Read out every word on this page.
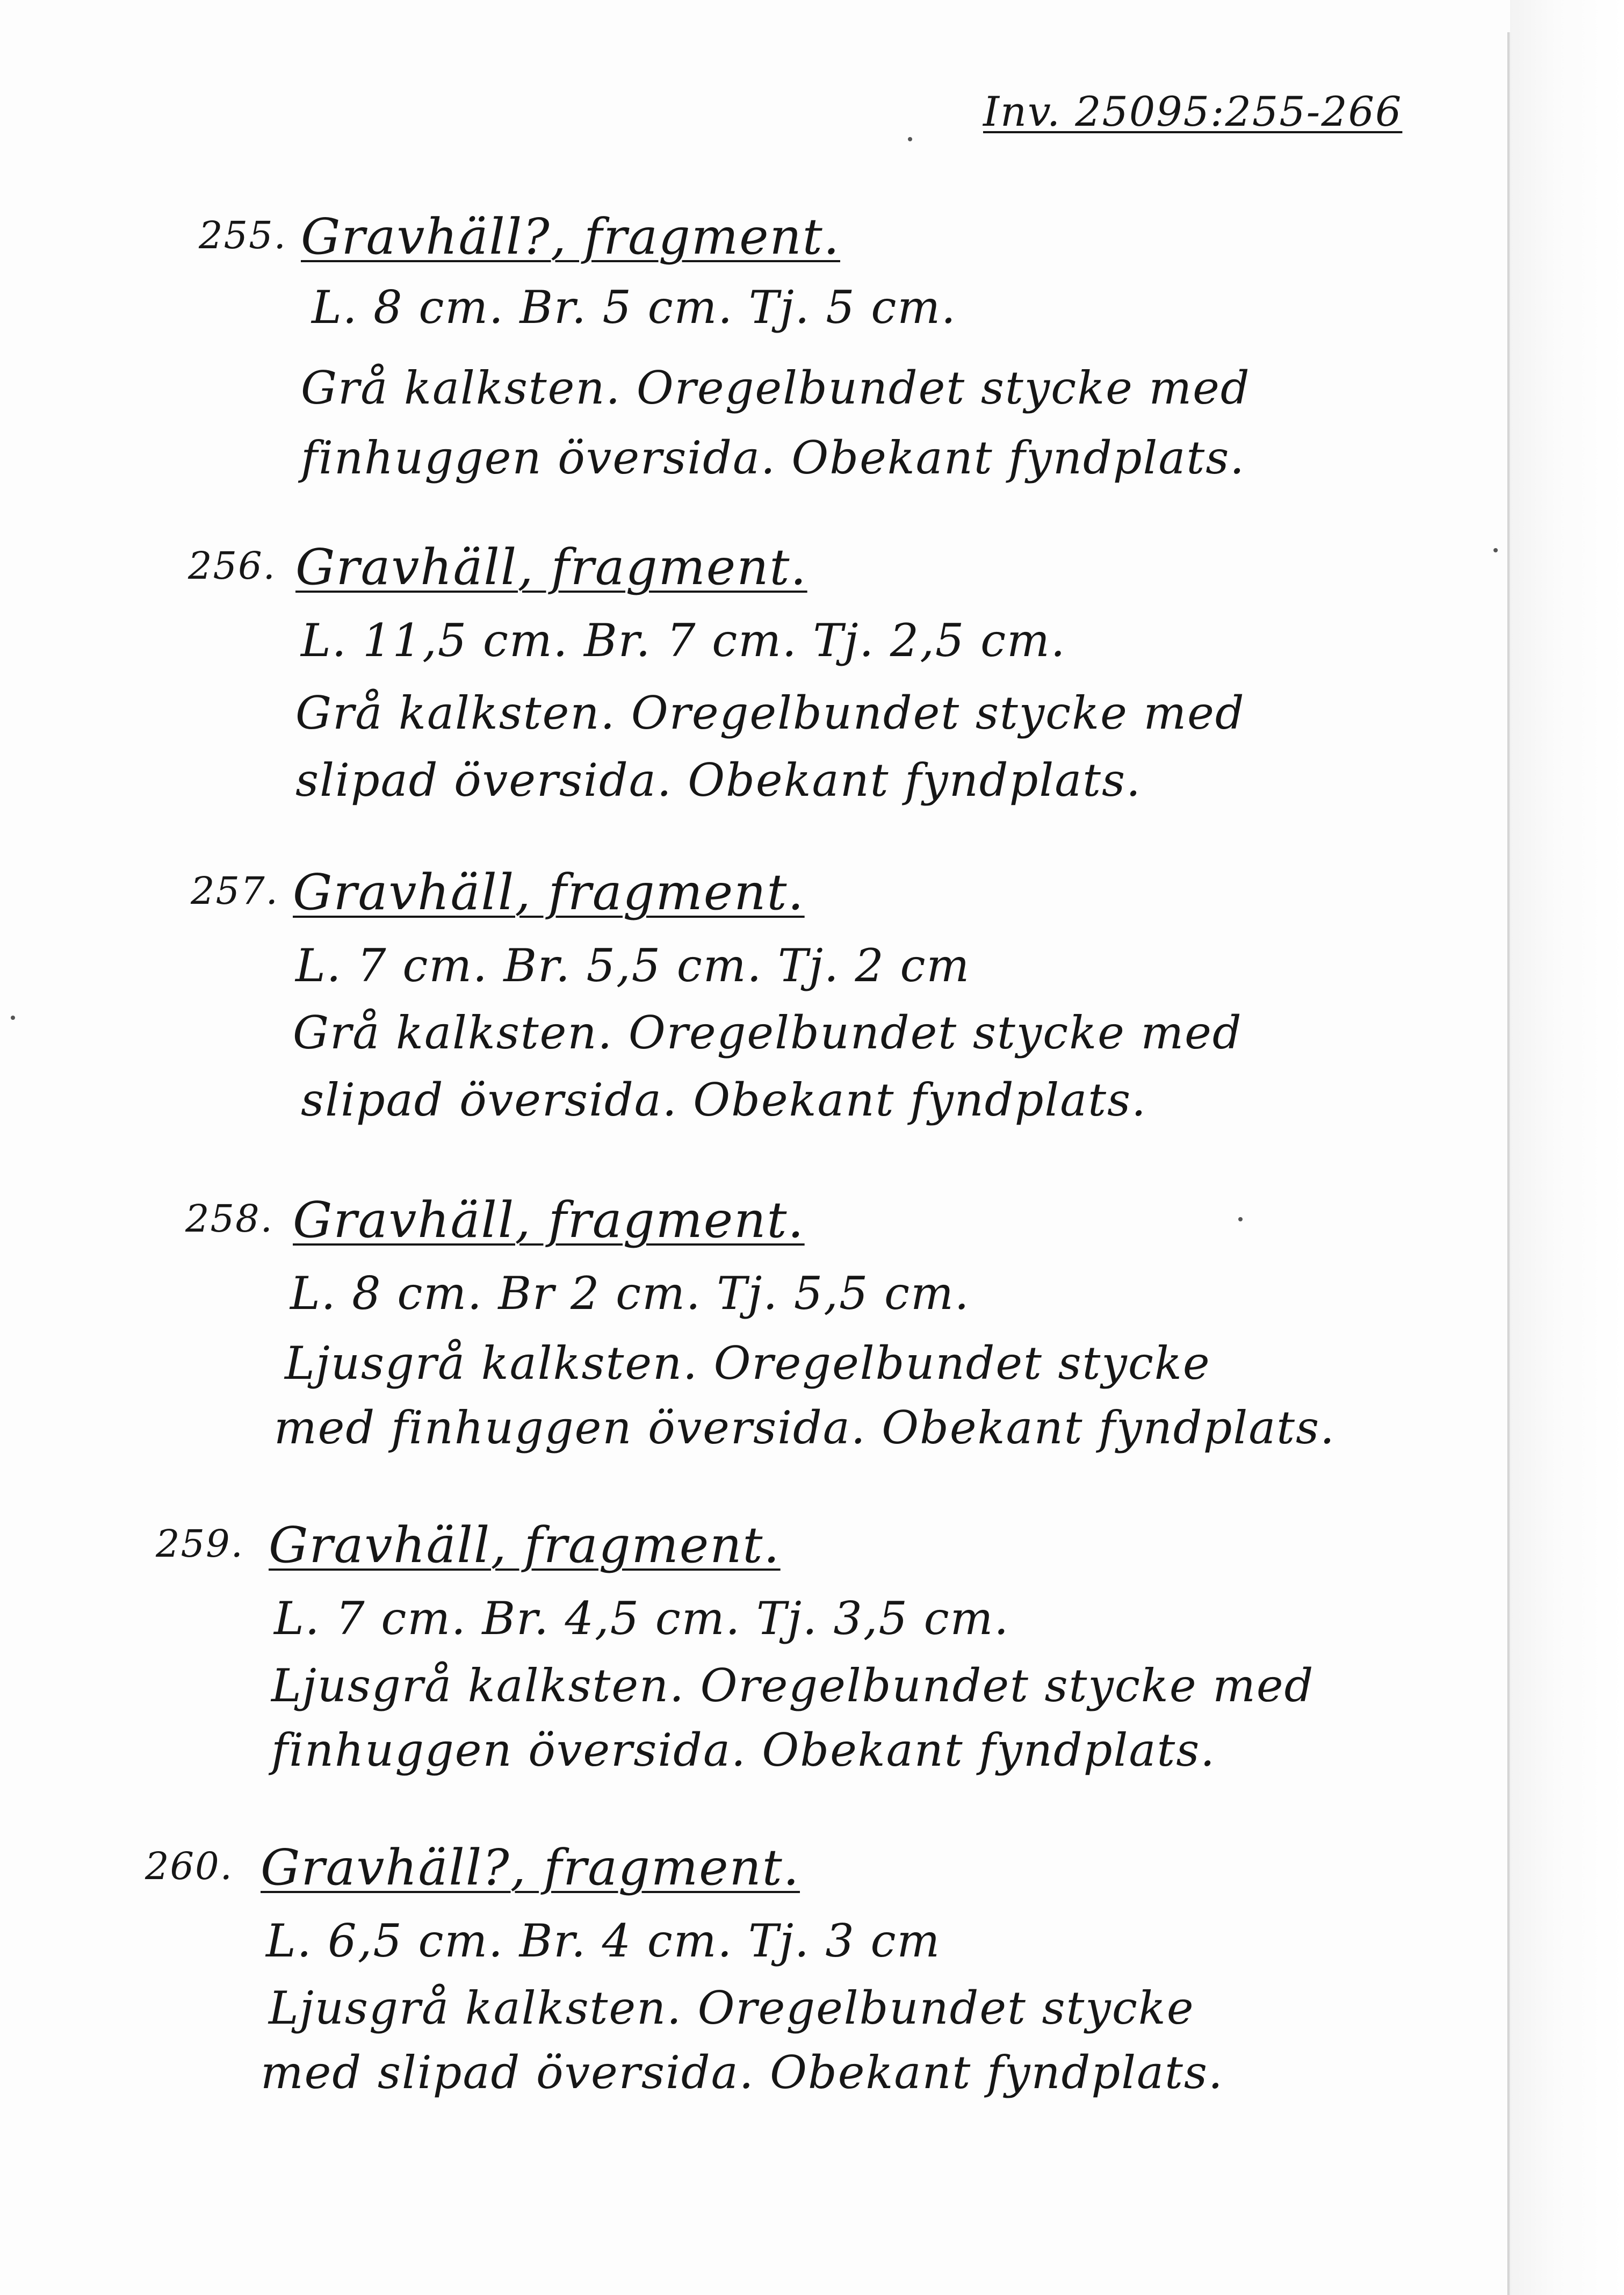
Inv. 25095:255-266
255. Gravhäll?, fragment.
L. 8 cm. Br. 5 cm. Tj. 5 cm.
Grå kalksten. Oregelbundet stycke med
finhuggen översida. Obekant fyndplats.
256. Gravhäll, fragment.
L. 11,5 cm. Br. 7 cm. Tj. 2,5 cm.
Grå kalksten. Oregelbundet stycke med
slipad översida. Obekant fyndplats.
257. Gravhäll, fragment.
L. 7 cm. Br. 5,5 cm. Tj. 2 cm
Grå kalksten. Oregelbundet stycke med
slipad översida. Obekant fyndplats.
258. Gravhäll, fragment.
L. 8 cm. Br 2 cm. Tj. 5,5 cm.
Ljusgrå kalksten. Oregelbundet stycke
med finhuggen översida. Obekant fyndplats.
259. Gravhäll, fragment.
L. 7 cm. Br. 4,5 cm. Tj. 3,5 cm.
Ljusgrå kalksten. Oregelbundet stycke med
finhuggen översida. Obekant fyndplats.
260. Gravhäll?, fragment.
L. 6,5 cm. Br. 4 cm. Tj. 3 cm
Ljusgrå kalksten. Oregelbundet stycke
med slipad översida. Obekant fyndplats.
